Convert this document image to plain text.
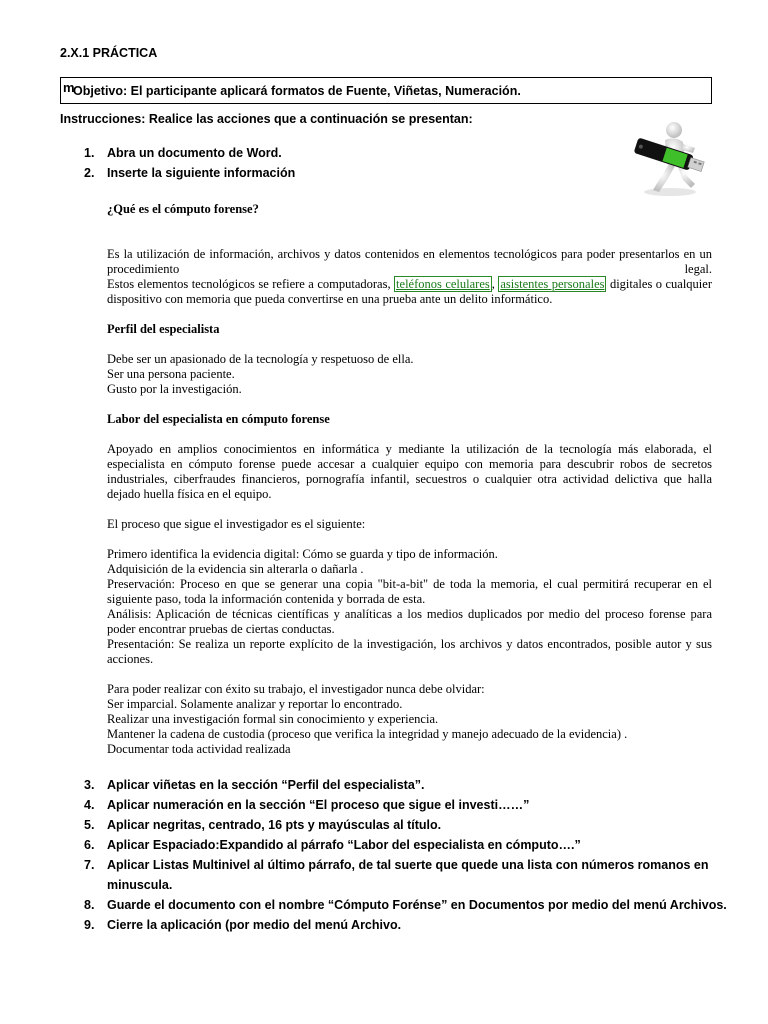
2.X.1 PRÁCTICA
m
Objetivo: El participante aplicará formatos de Fuente, Viñetas, Numeración.
Instrucciones: Realice las acciones que a continuación se presentan:
1. Abra un documento de Word.
2. Inserte la siguiente información
¿Qué es el cómputo forense?

Es la utilización de información, archivos y datos contenidos en elementos tecnológicos para poder presentarlos en un procedimiento legal.

Estos elementos tecnológicos se refiere a computadoras, teléfonos celulares , asistentes personales digitales o cualquier dispositivo con memoria que pueda convertirse en una prueba ante un delito informático.

Perfil del especialista

Debe ser un apasionado de la tecnología y respetuoso de ella.

Ser una persona paciente.

Gusto por la investigación.

Labor del especialista en cómputo forense

Apoyado en amplios conocimientos en informática y mediante la utilización de la tecnología más elaborada, el especialista en cómputo forense puede accesar a cualquier equipo con memoria para descubrir robos de secretos industriales, ciberfraudes financieros, pornografía infantil, secuestros o cualquier otra actividad delictiva que halla dejado huella física en el equipo.

El proceso que sigue el investigador es el siguiente:

Primero identifica la evidencia digital: Cómo se guarda y tipo de información.

Adquisición de la evidencia sin alterarla o dañarla .

Preservación: Proceso en que se generar una copia "bit-a-bit" de toda la memoria, el cual permitirá recuperar en el siguiente paso, toda la información contenida y borrada de esta.

Análisis: Aplicación de técnicas científicas y analíticas a los medios duplicados por medio del proceso forense para poder encontrar pruebas de ciertas conductas.

Presentación: Se realiza un reporte explícito de la investigación, los archivos y datos encontrados, posible autor y sus acciones.

Para poder realizar con éxito su trabajo, el investigador nunca debe olvidar:

Ser imparcial. Solamente analizar y reportar lo encontrado.

Realizar una investigación formal sin conocimiento y experiencia.

Mantener la cadena de custodia (proceso que verifica la integridad y manejo adecuado de la evidencia) .

Documentar toda actividad realizada

3. Aplicar viñetas en la sección “Perfil del especialista”.
4. Aplicar numeración en la sección “El proceso que sigue el investi……”
5. Aplicar negritas, centrado, 16 pts y mayúsculas al título.
6. Aplicar Espaciado:Expandido al párrafo “Labor del especialista en cómputo….”
7. Aplicar Listas Multinivel al último párrafo, de tal suerte que quede una lista con números romanos en minuscula.
8. Guarde el documento con el nombre “Cómputo Forénse” en Documentos por medio del menú Archivos.
9. Cierre la aplicación (por medio del menú Archivo.
